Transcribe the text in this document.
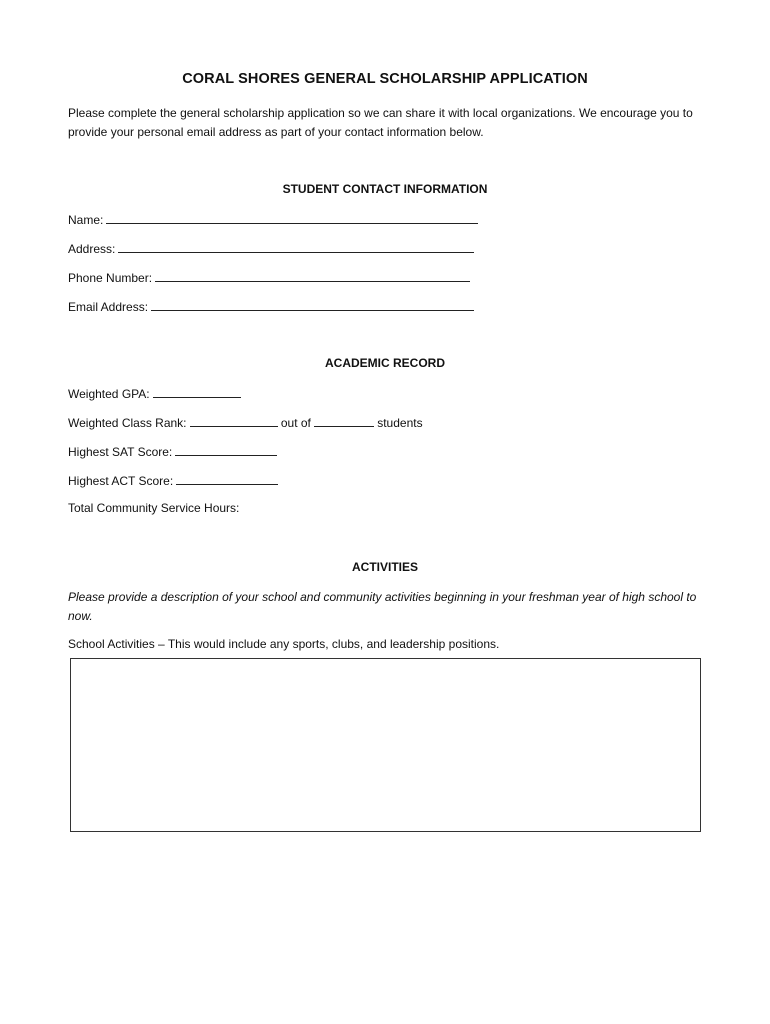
CORAL SHORES GENERAL SCHOLARSHIP APPLICATION
Please complete the general scholarship application so we can share it with local organizations. We encourage you to provide your personal email address as part of your contact information below.
STUDENT CONTACT INFORMATION
Name:
Address:
Phone Number:
Email Address:
ACADEMIC RECORD
Weighted GPA:
Weighted Class Rank:	out of	students
Highest SAT Score:
Highest ACT Score:
Total Community Service Hours:
ACTIVITIES
Please provide a description of your school and community activities beginning in your freshman year of high school to now.
School Activities – This would include any sports, clubs, and leadership positions.
